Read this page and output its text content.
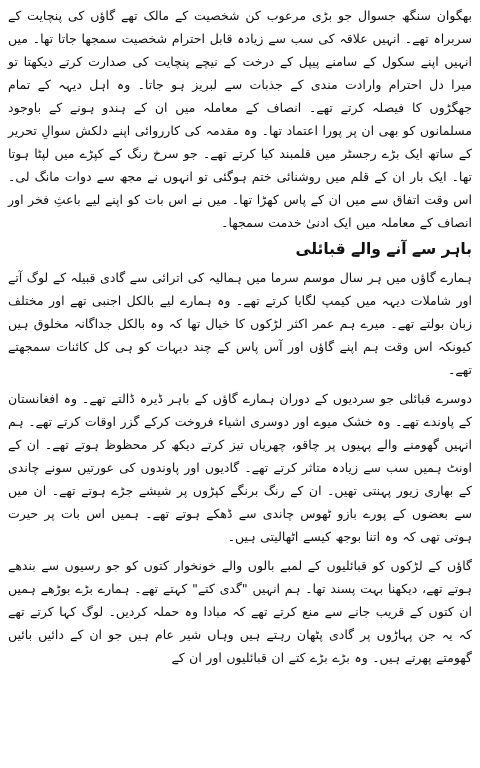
بھگوان سنگھ جسوال جو بڑی مرعوب کن شخصیت کے مالک تھے گاؤں کی پنچایت کے سربراہ تھے۔ انہیں علاقہ کی سب سے زیادہ قابل احترام شخصیت سمجھا جاتا تھا۔ میں انہیں اپنے سکول کے سامنے پیپل کے درخت کے نیچے پنچایت کی صدارت کرتے دیکھتا تو میرا دل احترام وارادت مندی کے جذبات سے لبریز ہو جاتا۔ وہ اہل دیہہ کے تمام جھگڑوں کا فیصلہ کرتے تھے۔ انصاف کے معاملہ میں ان کے ہندو ہونے کے باوجود مسلمانوں کو بھی ان پر پورا اعتماد تھا۔ وہ مقدمہ کی کارروائی اپنے دلکش سوالِ تحریر کے ساتھ ایک بڑے رجسٹر میں قلمبند کیا کرتے تھے۔ جو سرخ رنگ کے کپڑے میں لپٹا ہوتا تھا۔ ایک بار ان کے قلم میں روشنائی ختم ہوگئی تو انہوں نے مجھ سے دوات مانگ لی۔ اس وقت اتفاق سے میں ان کے پاس کھڑا تھا۔ میں نے اس بات کو اپنے لیے باعثِ فخر اور انصاف کے معاملہ میں ایک ادنیٰ خدمت سمجھا۔

باہر سے آنے والے قبائلی

ہمارے گاؤں میں ہر سال موسم سرما میں ہمالیہ کی اترائی سے گادی قبیلہ کے لوگ آتے اور شاملات دیہہ میں کیمپ لگایا کرتے تھے۔ وہ ہمارے لیے بالکل اجنبی تھے اور مختلف زبان بولتے تھے۔ میرے ہم عمر اکثر لڑکوں کا خیال تھا کہ وہ بالکل جداگانہ مخلوق ہیں کیونکہ اس وقت ہم اپنے گاؤں اور آس پاس کے چند دیہات کو ہی کل کائنات سمجھتے تھے۔

دوسرے قبائلی جو سردیوں کے دوران ہمارے گاؤں کے باہر ڈیرہ ڈالتے تھے۔ وہ افغانستان کے پاوندے تھے۔ وہ خشک میوے اور دوسری اشیاء فروخت کرکے گزر اوقات کرتے تھے۔ ہم انہیں گھومنے والے پہیوں پر چاقو، چھریاں تیز کرتے دیکھ کر محظوظ ہوتے تھے۔ ان کے اونٹ ہمیں سب سے زیادہ متاثر کرتے تھے۔ گادیوں اور پاوندوں کی عورتیں سونے چاندی کے بھاری زیور پہنتی تھیں۔ ان کے رنگ برنگے کپڑوں پر شیشے جڑے ہوتے تھے۔ ان میں سے بعضوں کے پورے بازو ٹھوس چاندی سے ڈھکے ہوتے تھے۔ ہمیں اس بات پر حیرت ہوتی تھی کہ وہ اتنا بوجھ کیسے اٹھالیتی ہیں۔

گاؤں کے لڑکوں کو قبائلیوں کے لمبے بالوں والے خونخوار کتوں کو جو رسیوں سے بندھے ہوتے تھے، دیکھنا بہت پسند تھا۔ ہم انہیں "گدی کتے" کہتے تھے۔ ہمارے بڑے بوڑھے ہمیں ان کتوں کے قریب جانے سے منع کرتے تھے کہ مبادا وہ حملہ کردیں۔ لوگ کہا کرتے تھے کہ یہ جن پہاڑوں پر گادی پٹھان رہتے ہیں وہاں شیر عام ہیں جو ان کے دائیں بائیں گھومتے پھرتے ہیں۔ وہ بڑے بڑے کتے ان قبائلیوں اور ان کے
